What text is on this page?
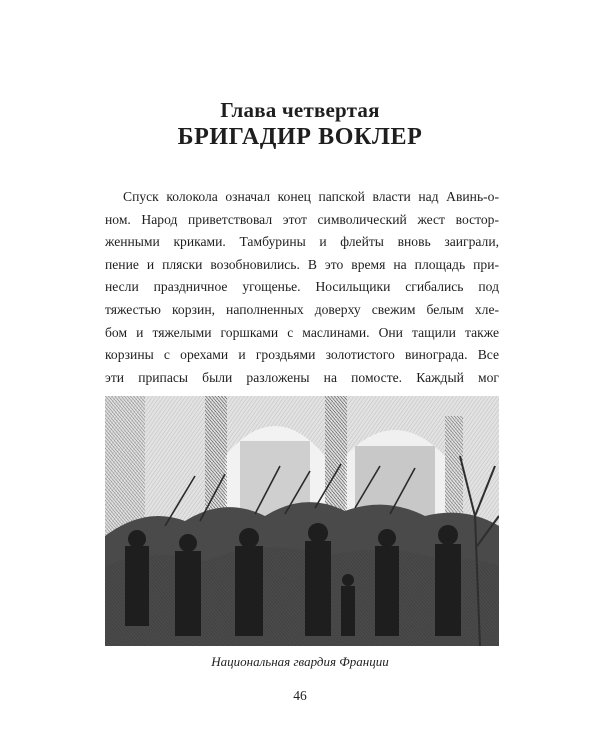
Глава четвертая
БРИГАДИР ВОКЛЕР
Спуск колокола означал конец папской власти над Авинь-о-
ном. Народ приветствовал этот символический жест востор-
женными криками. Тамбурины и флейты вновь заиграли,
пение и пляски возобновились. В это время на площадь при-
несли праздничное угощенье. Носильщики сгибались под
тяжестью корзин, наполненных доверху свежим белым хле-
бом и тяжелыми горшками с маслинами. Они тащили также
корзины с орехами и гроздьями золотистого винограда. Все
эти припасы были разложены на помосте. Каждый мог
Национальная гвардия Франции
46
